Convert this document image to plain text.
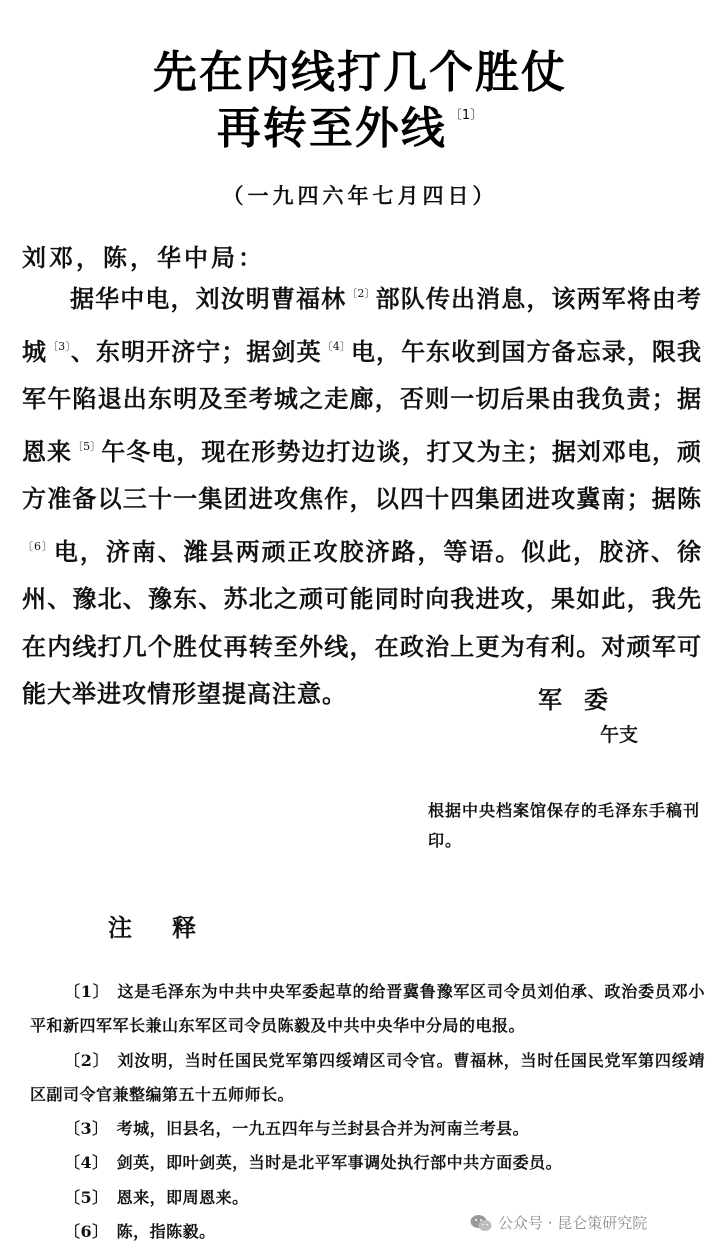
先在内线打几个胜仗
再转至外线 $^{〔1〕}$
（一九四六年七月四日）
刘邓，陈，华中局：
据华中电，刘汝明曹福林$^{〔2〕}$部队传出消息，该两军将由考城$^{〔3〕}$、东明开济宁；据剑英$^{〔4〕}$电，午东收到国方备忘录，限我军午陷退出东明及至考城之走廊，否则一切后果由我负责；据恩来$^{〔5〕}$午冬电，现在形势边打边谈，打又为主；据刘邓电，顽方准备以三十一集团进攻焦作，以四十四集团进攻冀南；据陈$^{〔6〕}$电，济南、潍县两顽正攻胶济路，等语。似此，胶济、徐州、豫北、豫东、苏北之顽可能同时向我进攻，果如此，我先在内线打几个胜仗再转至外线，在政治上更为有利。对顽军可能大举进攻情形望提高注意。	军委
午支
根据中央档案馆保存的毛泽东手稿刊印。
注释
〔1〕 这是毛泽东为中共中央军委起草的给晋冀鲁豫军区司令员刘伯承、政治委员邓小平和新四军军长兼山东军区司令员陈毅及中共中央华中分局的电报。
〔2〕 刘汝明，当时任国民党军第四绥靖区司令官。曹福林，当时任国民党军第四绥靖区副司令官兼整编第五十五师师长。
〔3〕 考城，旧县名，一九五四年与兰封县合并为河南兰考县。
〔4〕 剑英，即叶剑英，当时是北平军事调处执行部中共方面委员。
〔5〕 恩来，即周恩来。
〔6〕 陈，指陈毅。	公众号 · 昆仑策研究院
